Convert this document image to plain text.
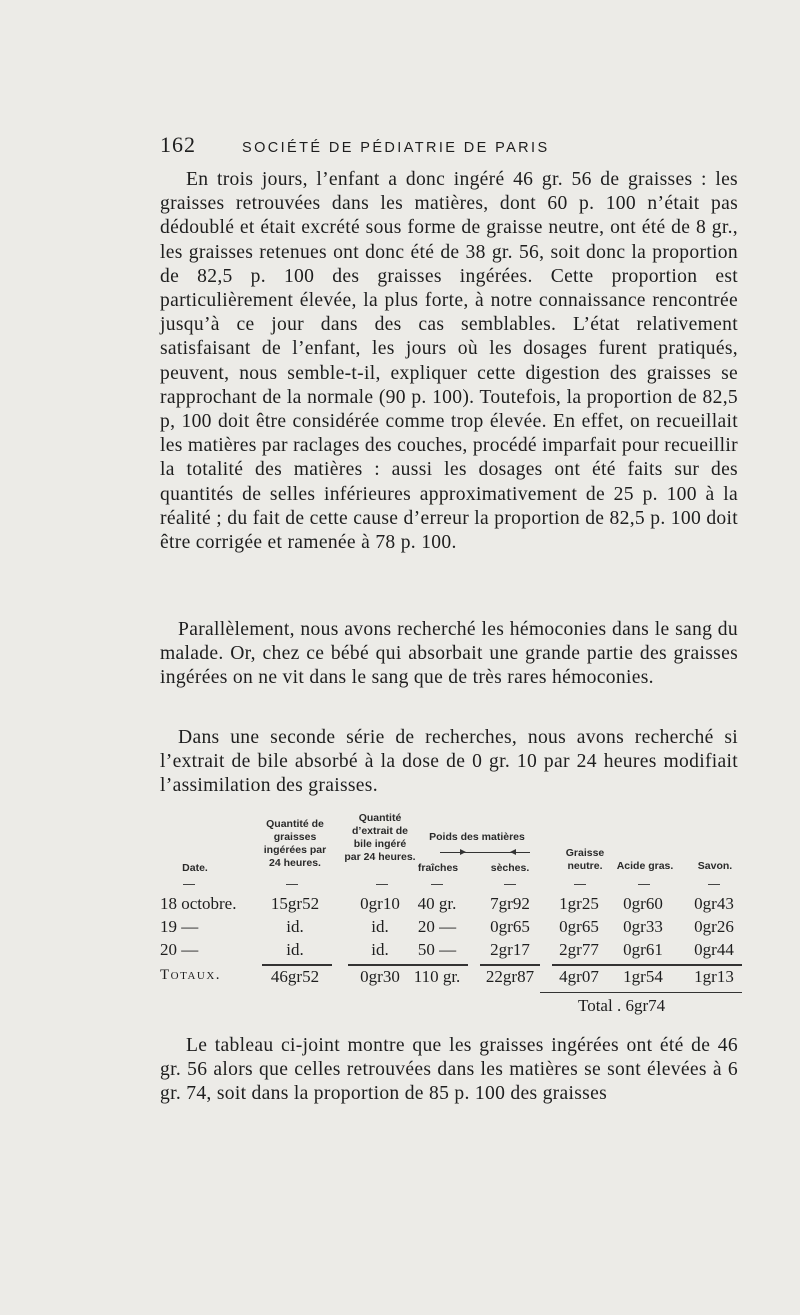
162	SOCIÉTÉ DE PÉDIATRIE DE PARIS

En trois jours, l’enfant a donc ingéré 46 gr. 56 de graisses : les graisses retrouvées dans les matières, dont 60 p. 100 n’était pas dédoublé et était excrété sous forme de graisse neutre, ont été de 8 gr., les graisses retenues ont donc été de 38 gr. 56, soit donc la proportion de 82,5 p. 100 des graisses ingérées. Cette proportion est particulièrement élevée, la plus forte, à notre connaissance rencontrée jusqu’à ce jour dans des cas semblables. L’état relativement satisfaisant de l’enfant, les jours où les dosages furent pratiqués, peuvent, nous semble-t-il, expliquer cette digestion des graisses se rapprochant de la normale (90 p. 100). Toutefois, la proportion de 82,5 p, 100 doit être considérée comme trop élevée. En effet, on recueillait les matières par raclages des couches, procédé imparfait pour recueillir la totalité des matières : aussi les dosages ont été faits sur des quantités de selles inférieures approximativement de 25 p. 100 à la réalité ; du fait de cette cause d’erreur la proportion de 82,5 p. 100 doit être corrigée et ramenée à 78 p. 100.

Parallèlement, nous avons recherché les hémoconies dans le sang du malade. Or, chez ce bébé qui absorbait une grande partie des graisses ingérées on ne vit dans le sang que de très rares hémoconies.

Dans une seconde série de recherches, nous avons recherché si l’extrait de bile absorbé à la dose de 0 gr. 10 par 24 heures modifiait l’assimilation des graisses.

Date.
Quantité de
graisses
ingérées par
24 heures.
Quantité
d’extrait de
bile ingéré
par 24 heures.
Poids des matières
fraîches	sèches.
Graisse
neutre.	Acide gras.	Savon.
18 octobre.	15gr52	0gr10	40 gr.	7gr92	1gr25	0gr60	0gr43
19 —	id.	id.	20 —	0gr65	0gr65	0gr33	0gr26
20 —	id.	id.	50 —	2gr17	2gr77	0gr61	0gr44
Totaux.	46gr52	0gr30 110 gr.	22gr87	4gr07	1gr54	1gr13
Total . 6gr74

Le tableau ci-joint montre que les graisses ingérées ont été de 46 gr. 56 alors que celles retrouvées dans les matières se sont élevées à 6 gr. 74, soit dans la proportion de 85 p. 100 des graisses
